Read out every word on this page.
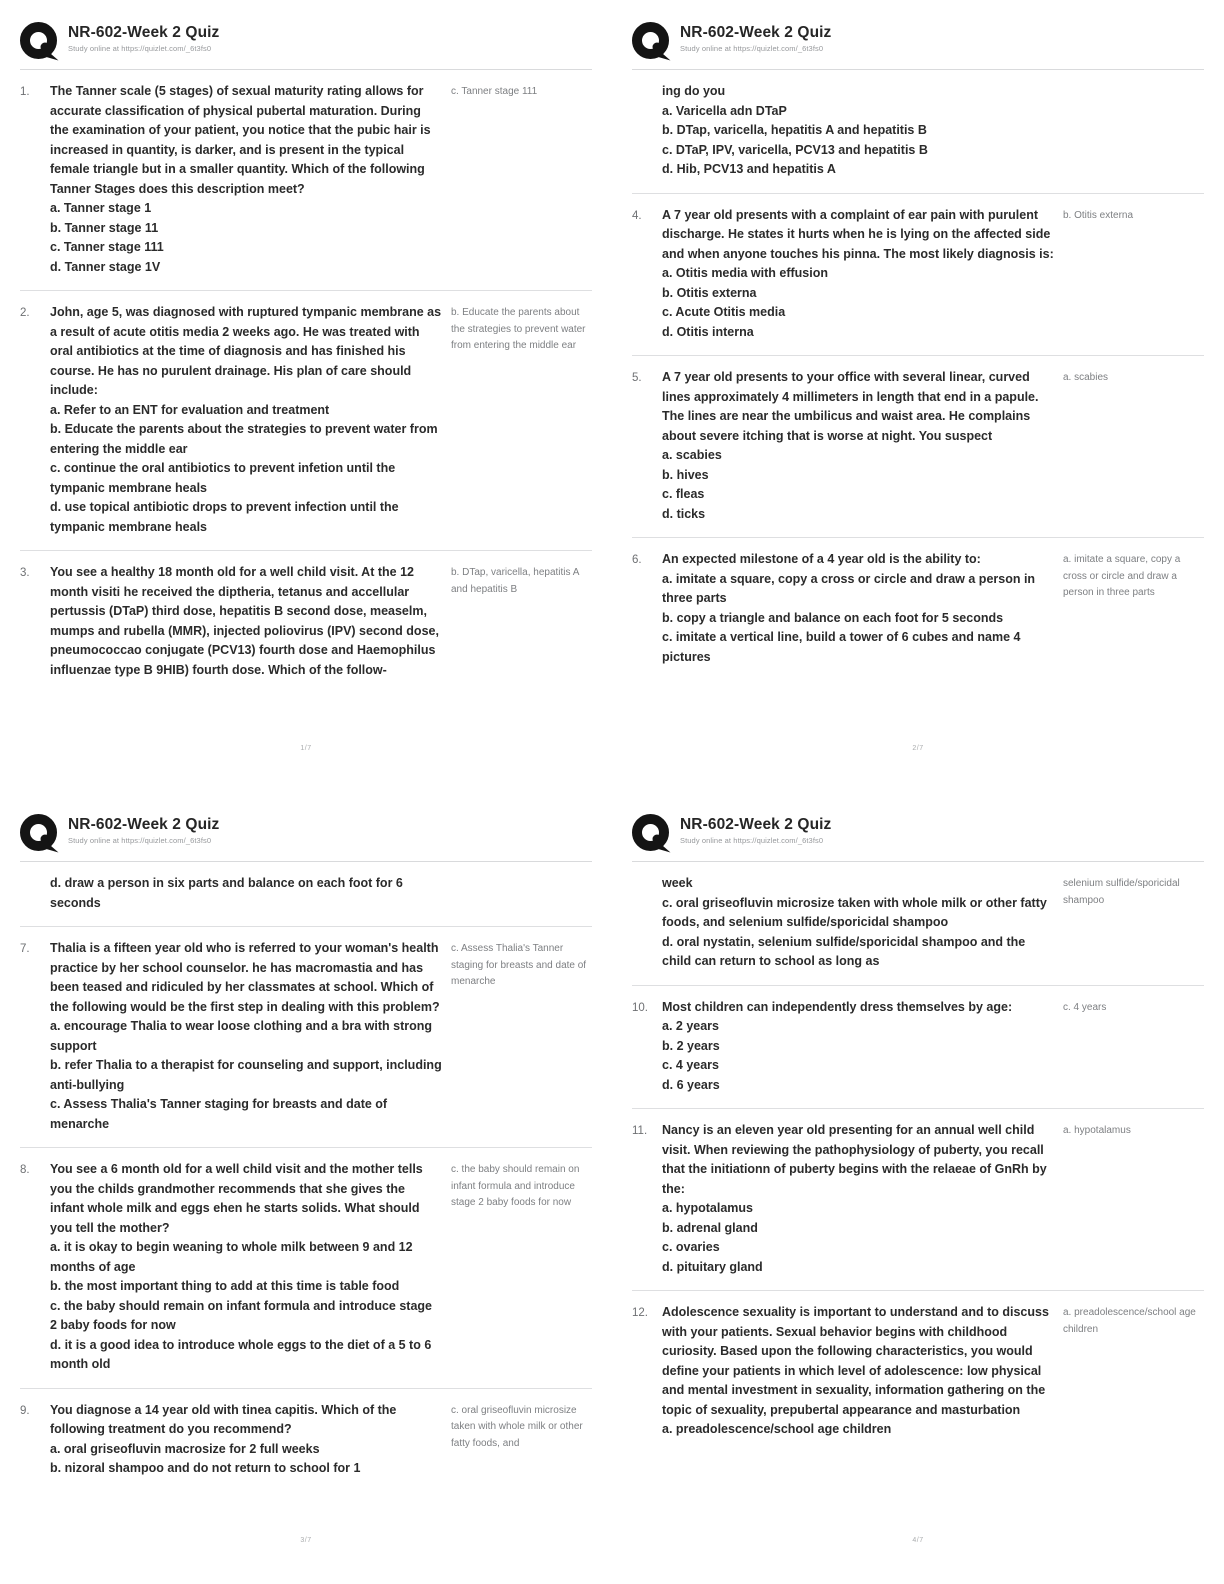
NR-602-Week 2 Quiz
Study online at https://quizlet.com/_6t3fs0
1.	The Tanner scale (5 stages) of sexual maturity rating allows for accurate classification of physical pubertal maturation. During the examination of your patient, you notice that the pubic hair is increased in quantity, is darker, and is present in the typical female triangle but in a smaller quantity. Which of the following Tanner Stages does this description meet?

a. Tanner stage 1

b. Tanner stage 11

c. Tanner stage 111

d. Tanner stage 1V

c. Tanner stage 111
2.	John, age 5, was diagnosed with ruptured tympanic membrane as a result of acute otitis media 2 weeks ago. He was treated with oral antibiotics at the time of diagnosis and has finished his course. He has no purulent drainage. His plan of care should include:

a. Refer to an ENT for evaluation and treatment

b. Educate the parents about the strategies to prevent water from entering the middle ear

c. continue the oral antibiotics to prevent infetion until the tympanic membrane heals

d. use topical antibiotic drops to prevent infection until the tympanic membrane heals

b. Educate the parents about the strategies to prevent water from entering the middle ear
3.	You see a healthy 18 month old for a well child visit. At the 12 month visiti he received the diptheria, tetanus and accellular pertussis (DTaP) third dose, hepatitis B second dose, measelm, mumps and rubella (MMR), injected poliovirus (IPV) second dose, pneumococcao conjugate (PCV13) fourth dose and Haemophilus influenzae type B 9HIB) fourth dose. Which of the follow-

b. DTap, varicella, hepatitis A and hepatitis B
1/7
NR-602-Week 2 Quiz
Study online at https://quizlet.com/_6t3fs0

ing do you

a. Varicella adn DTaP

b. DTap, varicella, hepatitis A and hepatitis B

c. DTaP, IPV, varicella, PCV13 and hepatitis B

d. Hib, PCV13 and hepatitis A

4.	A 7 year old presents with a complaint of ear pain with purulent discharge. He states it hurts when he is lying on the affected side and when anyone touches his pinna. The most likely diagnosis is:

a. Otitis media with effusion

b. Otitis externa

c. Acute Otitis media

d. Otitis interna

b. Otitis externa
5.	A 7 year old presents to your office with several linear, curved lines approximately 4 millimeters in length that end in a papule. The lines are near the umbilicus and waist area. He complains about severe itching that is worse at night. You suspect

a. scabies

b. hives

c. fleas

d. ticks

a. scabies
6.	An expected milestone of a 4 year old is the ability to:

a. imitate a square, copy a cross or circle and draw a person in three parts

b. copy a triangle and balance on each foot for 5 seconds

c. imitate a vertical line, build a tower of 6 cubes and name 4 pictures

a. imitate a square, copy a cross or circle and draw a person in three parts
2/7
NR-602-Week 2 Quiz
Study online at https://quizlet.com/_6t3fs0

d. draw a person in six parts and balance on each foot for 6 seconds

7.	Thalia is a fifteen year old who is referred to your woman's health practice by her school counselor. he has macromastia and has been teased and ridiculed by her classmates at school. Which of the following would be the first step in dealing with this problem?

a. encourage Thalia to wear loose clothing and a bra with strong support

b. refer Thalia to a therapist for counseling and support, including anti-bullying

c. Assess Thalia's Tanner staging for breasts and date of menarche

c. Assess Thalia's Tanner staging for breasts and date of menarche
8.	You see a 6 month old for a well child visit and the mother tells you the childs grandmother recommends that she gives the infant whole milk and eggs ehen he starts solids. What should you tell the mother?

a. it is okay to begin weaning to whole milk between 9 and 12 months of age

b. the most important thing to add at this time is table food

c. the baby should remain on infant formula and introduce stage 2 baby foods for now

d. it is a good idea to introduce whole eggs to the diet of a 5 to 6 month old

c. the baby should remain on infant formula and introduce stage 2 baby foods for now
9.	You diagnose a 14 year old with tinea capitis. Which of the following treatment do you recommend?

a. oral griseofluvin macrosize for 2 full weeks

b. nizoral shampoo and do not return to school for 1

c. oral griseofluvin microsize taken with whole milk or other fatty foods, and
3/7
NR-602-Week 2 Quiz
Study online at https://quizlet.com/_6t3fs0

week

c. oral griseofluvin microsize taken with whole milk or other fatty foods, and selenium sulfide/sporicidal shampoo

d. oral nystatin, selenium sulfide/sporicidal shampoo and the child can return to school as long as

selenium sulfide/sporicidal shampoo
10.	Most children can independently dress themselves by age:

a. 2 years

b. 2 years

c. 4 years

d. 6 years

c. 4 years
11.	Nancy is an eleven year old presenting for an annual well child visit. When reviewing the pathophysiology of puberty, you recall that the initiationn of puberty begins with the relaeae of GnRh by the:

a. hypotalamus

b. adrenal gland

c. ovaries

d. pituitary gland

a. hypotalamus
12.	Adolescence sexuality is important to understand and to discuss with your patients. Sexual behavior begins with childhood curiosity. Based upon the following characteristics, you would define your patients in which level of adolescence: low physical and mental investment in sexuality, information gathering on the topic of sexuality, prepubertal appearance and masturbation

a. preadolescence/school age children

a. preadolescence/school age children
4/7
